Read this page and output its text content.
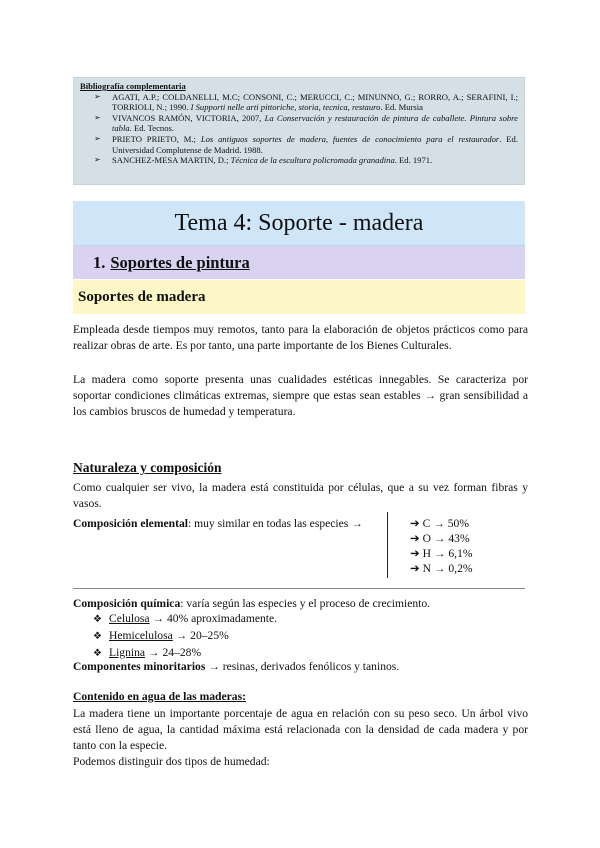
Bibliografía complementaria
➢ AGATI, A.P.; COLDANELLI, M.C; CONSONI, C.; MERUCCI, C.; MINUNNO, G.; RORRO, A.; SERAFINI, I.; TORRIOLI, N.; 1990. I Supporti nelle arti pittoriche, storia, tecnica, restauro. Ed. Mursia
➢ VIVANCOS RAMÓN, VICTORIA, 2007, La Conservación y restauración de pintura de caballete. Pintura sobre tabla. Ed. Tecnos.
➢ PRIETO PRIETO, M.; Los antiguos soportes de madera, fuentes de conocimiento para el restaurador. Ed. Universidad Complutense de Madrid. 1988.
➢ SANCHEZ-MESA MARTIN, D.; Técnica de la escultura policromada granadina. Ed. 1971.
Tema 4: Soporte - madera
1. Soportes de pintura
Soportes de madera
Empleada desde tiempos muy remotos, tanto para la elaboración de objetos prácticos como para realizar obras de arte. Es por tanto, una parte importante de los Bienes Culturales.
La madera como soporte presenta unas cualidades estéticas innegables. Se caracteriza por soportar condiciones climáticas extremas, siempre que estas sean estables → gran sensibilidad a los cambios bruscos de humedad y temperatura.
Naturaleza y composición
Como cualquier ser vivo, la madera está constituida por células, que a su vez forman fibras y vasos.
Composición elemental: muy similar en todas las especies →	➔ C → 50%
➔ O → 43%
➔ H → 6,1%
➔ N → 0,2%
Composición química: varía según las especies y el proceso de crecimiento.
❖ Celulosa → 40% aproximadamente.
❖ Hemicelulosa → 20–25%
❖ Lignina → 24–28%
Componentes minoritarios → resinas, derivados fenólicos y taninos.
Contenido en agua de las maderas:
La madera tiene un importante porcentaje de agua en relación con su peso seco. Un árbol vivo está lleno de agua, la cantidad máxima está relacionada con la densidad de cada madera y por tanto con la especie.
Podemos distinguir dos tipos de humedad:
